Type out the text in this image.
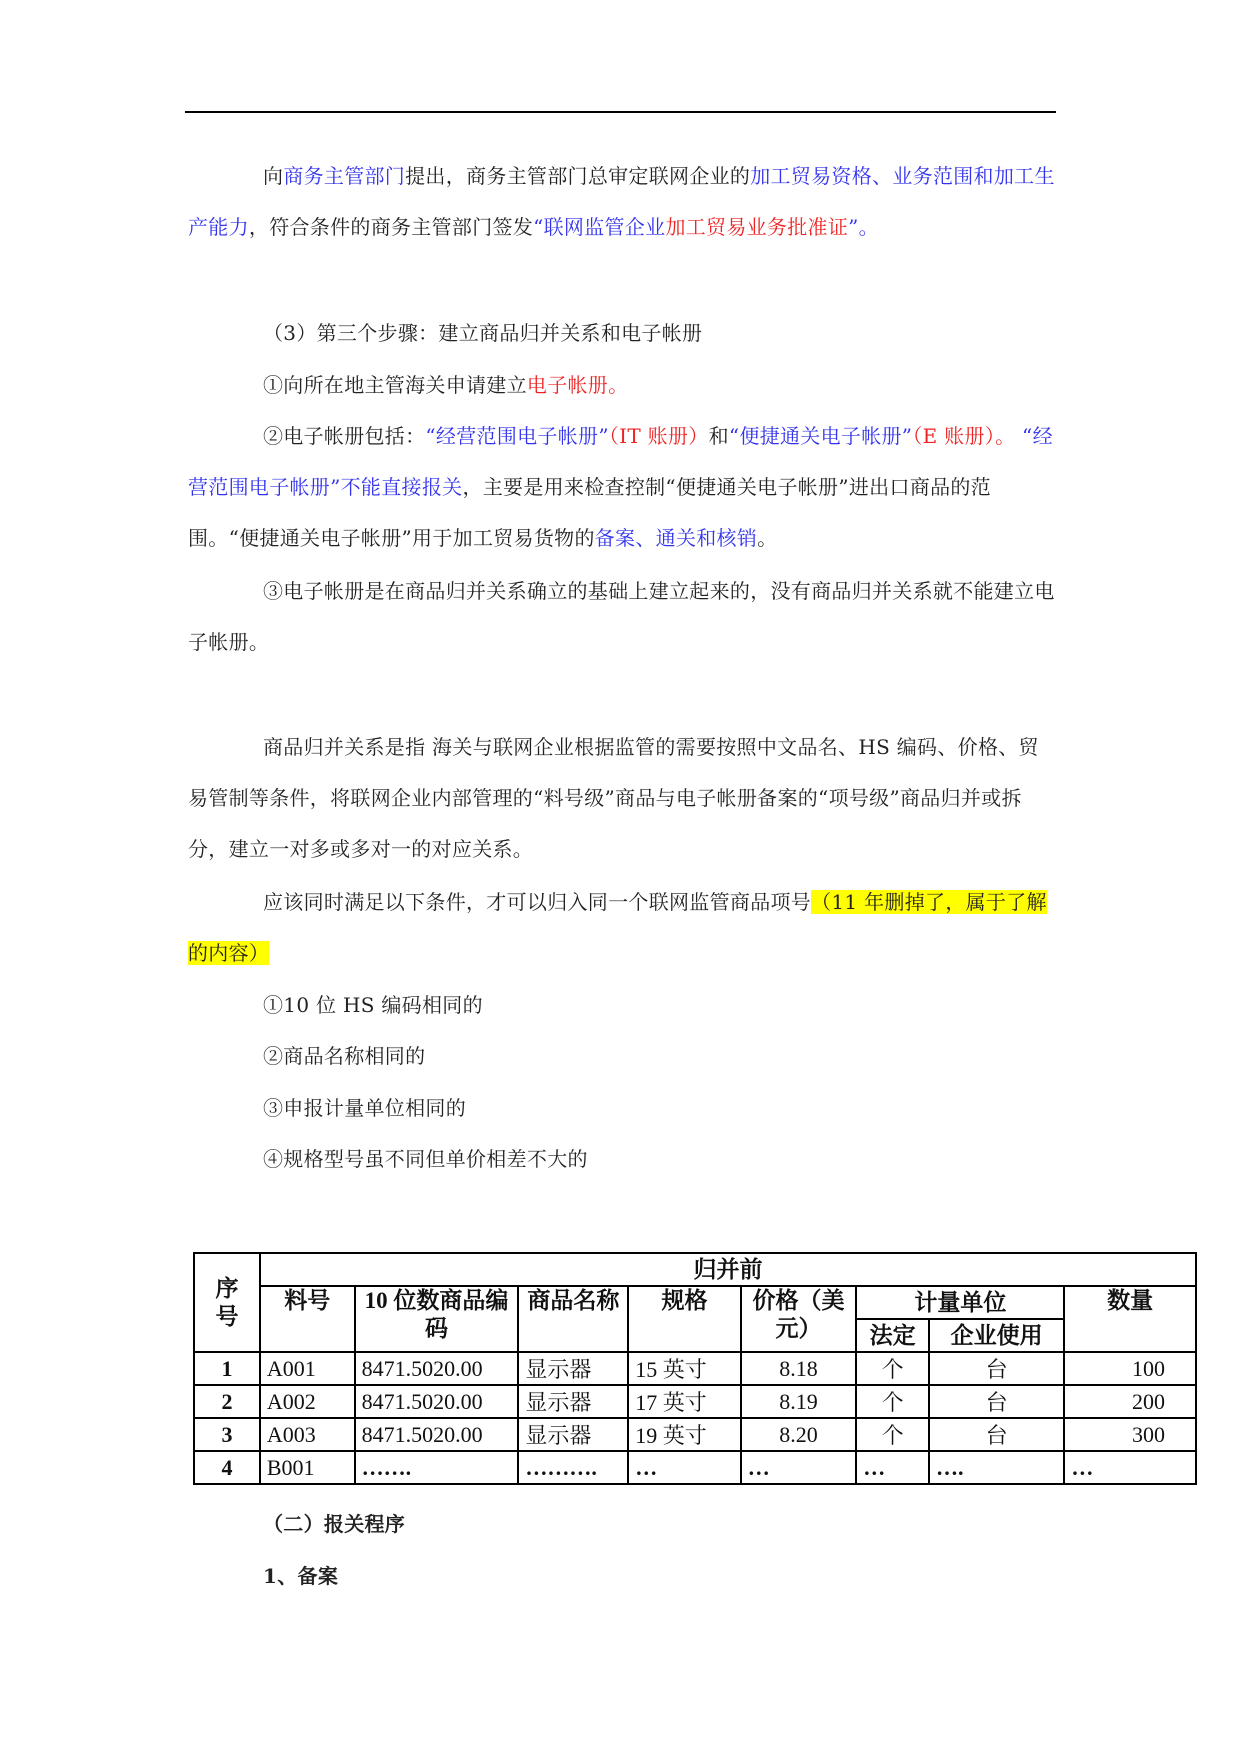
向商务主管部门提出，商务主管部门总审定联网企业的加工贸易资格、业务范围和加工生产能力，符合条件的商务主管部门签发“联网监管企业加工贸易业务批准证”。

（3）第三个步骤：建立商品归并关系和电子帐册

①向所在地主管海关申请建立电子帐册。

②电子帐册包括：“经营范围电子帐册”（IT 账册）和“便捷通关电子帐册”（E 账册）。 “经营范围电子帐册”不能直接报关，主要是用来检查控制“便捷通关电子帐册”进出口商品的范围。“便捷通关电子帐册”用于加工贸易货物的备案、通关和核销。

③电子帐册是在商品归并关系确立的基础上建立起来的，没有商品归并关系就不能建立电子帐册。

商品归并关系是指 海关与联网企业根据监管的需要按照中文品名、HS 编码、价格、贸易管制等条件，将联网企业内部管理的“料号级”商品与电子帐册备案的“项号级”商品归并或拆分，建立一对多或多对一的对应关系。

应该同时满足以下条件，才可以归入同一个联网监管商品项号（11 年删掉了，属于了解的内容）

①10 位 HS 编码相同的

②商品名称相同的

③申报计量单位相同的

④规格型号虽不同但单价相差不大的

序号	归并前							
	料号	10 位数商品编码	商品名称	规格	价格（美元）	计量单位		数量
						法定	企业使用	
1	A001	8471.5020.00	显示器	15 英寸	8.18	个	台	100
2	A002	8471.5020.00	显示器	17 英寸	8.19	个	台	200
3	A003	8471.5020.00	显示器	19 英寸	8.20	个	台	300
4	B001	…….	……….	…	…	…	….	…

（二）报关程序

1、备案
